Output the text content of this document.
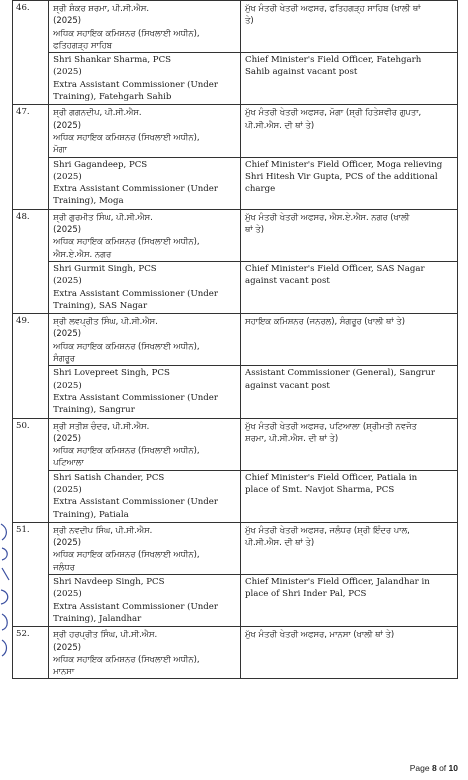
46.	ਸ਼੍ਰੀ ਸ਼ੰਕਰ ਸ਼ਰਮਾ, ਪੀ.ਸੀ.ਐਸ.
(2025)
ਅਧਿਕ ਸਹਾਇਕ ਕਮਿਸ਼ਨਰ (ਸਿਖਲਾਈ ਅਧੀਨ),
ਫਤਿਹਗੜ੍ਹ ਸਾਹਿਬ	ਮੁੱਖ ਮੰਤਰੀ ਖੇਤਰੀ ਅਫਸਰ, ਫਤਿਹਗੜ੍ਹ ਸਾਹਿਬ (ਖਾਲੀ ਥਾਂ
ਤੇ)

	Shri Shankar Sharma, PCS
(2025)
Extra Assistant Commissioner (Under
Training), Fatehgarh Sahib	Chief Minister's Field Officer, Fatehgarh
Sahib against vacant post

47.	ਸ਼੍ਰੀ ਗਗਨਦੀਪ, ਪੀ.ਸੀ.ਐਸ.
(2025)
ਅਧਿਕ ਸਹਾਇਕ ਕਮਿਸ਼ਨਰ (ਸਿਖਲਾਈ ਅਧੀਨ),
ਮੋਗਾ	ਮੁੱਖ ਮੰਤਰੀ ਖੇਤਰੀ ਅਫਸਰ, ਮੋਗਾ (ਸ਼੍ਰੀ ਹਿਤੇਸ਼ਵੀਰ ਗੁਪਤਾ,
ਪੀ.ਸੀ.ਐਸ. ਦੀ ਥਾਂ ਤੇ)

	Shri Gagandeep, PCS
(2025)
Extra Assistant Commissioner (Under
Training), Moga	Chief Minister's Field Officer, Moga relieving
Shri Hitesh Vir Gupta, PCS of the additional
charge

48.	ਸ਼੍ਰੀ ਗੁਰਮੀਤ ਸਿੰਘ, ਪੀ.ਸੀ.ਐਸ.
(2025)
ਅਧਿਕ ਸਹਾਇਕ ਕਮਿਸ਼ਨਰ (ਸਿਖਲਾਈ ਅਧੀਨ),
ਐਸ.ਏ.ਐਸ. ਨਗਰ	ਮੁੱਖ ਮੰਤਰੀ ਖੇਤਰੀ ਅਫਸਰ, ਐਸ.ਏ.ਐਸ. ਨਗਰ (ਖਾਲੀ
ਥਾਂ ਤੇ)

	Shri Gurmit Singh, PCS
(2025)
Extra Assistant Commissioner (Under
Training), SAS Nagar	Chief Minister's Field Officer, SAS Nagar
against vacant post

49.	ਸ਼੍ਰੀ ਲਵਪ੍ਰੀਤ ਸਿੰਘ, ਪੀ.ਸੀ.ਐਸ.
(2025)
ਅਧਿਕ ਸਹਾਇਕ ਕਮਿਸ਼ਨਰ (ਸਿਖਲਾਈ ਅਧੀਨ),
ਸੰਗਰੂਰ	ਸਹਾਇਕ ਕਮਿਸ਼ਨਰ (ਜਨਰਲ), ਸੰਗਰੂਰ (ਖਾਲੀ ਥਾਂ ਤੇ)

	Shri Lovepreet Singh, PCS
(2025)
Extra Assistant Commissioner (Under
Training), Sangrur	Assistant Commissioner (General), Sangrur
against vacant post

50.	ਸ਼੍ਰੀ ਸਤੀਸ਼ ਚੰਦਰ, ਪੀ.ਸੀ.ਐਸ.
(2025)
ਅਧਿਕ ਸਹਾਇਕ ਕਮਿਸ਼ਨਰ (ਸਿਖਲਾਈ ਅਧੀਨ),
ਪਟਿਆਲਾ	ਮੁੱਖ ਮੰਤਰੀ ਖੇਤਰੀ ਅਫਸਰ, ਪਟਿਆਲਾ (ਸ਼੍ਰੀਮਤੀ ਨਵਜੋਤ
ਸ਼ਰਮਾ, ਪੀ.ਸੀ.ਐਸ. ਦੀ ਥਾਂ ਤੇ)

	Shri Satish Chander, PCS
(2025)
Extra Assistant Commissioner (Under
Training), Patiala	Chief Minister's Field Officer, Patiala in
place of Smt. Navjot Sharma, PCS

51.	ਸ਼੍ਰੀ ਨਵਦੀਪ ਸਿੰਘ, ਪੀ.ਸੀ.ਐਸ.
(2025)
ਅਧਿਕ ਸਹਾਇਕ ਕਮਿਸ਼ਨਰ (ਸਿਖਲਾਈ ਅਧੀਨ),
ਜਲੰਧਰ	ਮੁੱਖ ਮੰਤਰੀ ਖੇਤਰੀ ਅਫਸਰ, ਜਲੰਧਰ (ਸ਼੍ਰੀ ਇੰਦਰ ਪਾਲ,
ਪੀ.ਸੀ.ਐਸ. ਦੀ ਥਾਂ ਤੇ)

	Shri Navdeep Singh, PCS
(2025)
Extra Assistant Commissioner (Under
Training), Jalandhar	Chief Minister's Field Officer, Jalandhar in
place of Shri Inder Pal, PCS

52.	ਸ਼੍ਰੀ ਹਰਪ੍ਰੀਤ ਸਿੰਘ, ਪੀ.ਸੀ.ਐਸ.
(2025)
ਅਧਿਕ ਸਹਾਇਕ ਕਮਿਸ਼ਨਰ (ਸਿਖਲਾਈ ਅਧੀਨ),
ਮਾਨਸਾ	ਮੁੱਖ ਮੰਤਰੀ ਖੇਤਰੀ ਅਫਸਰ, ਮਾਨਸਾ (ਖਾਲੀ ਥਾਂ ਤੇ)
Page 8 of 10
